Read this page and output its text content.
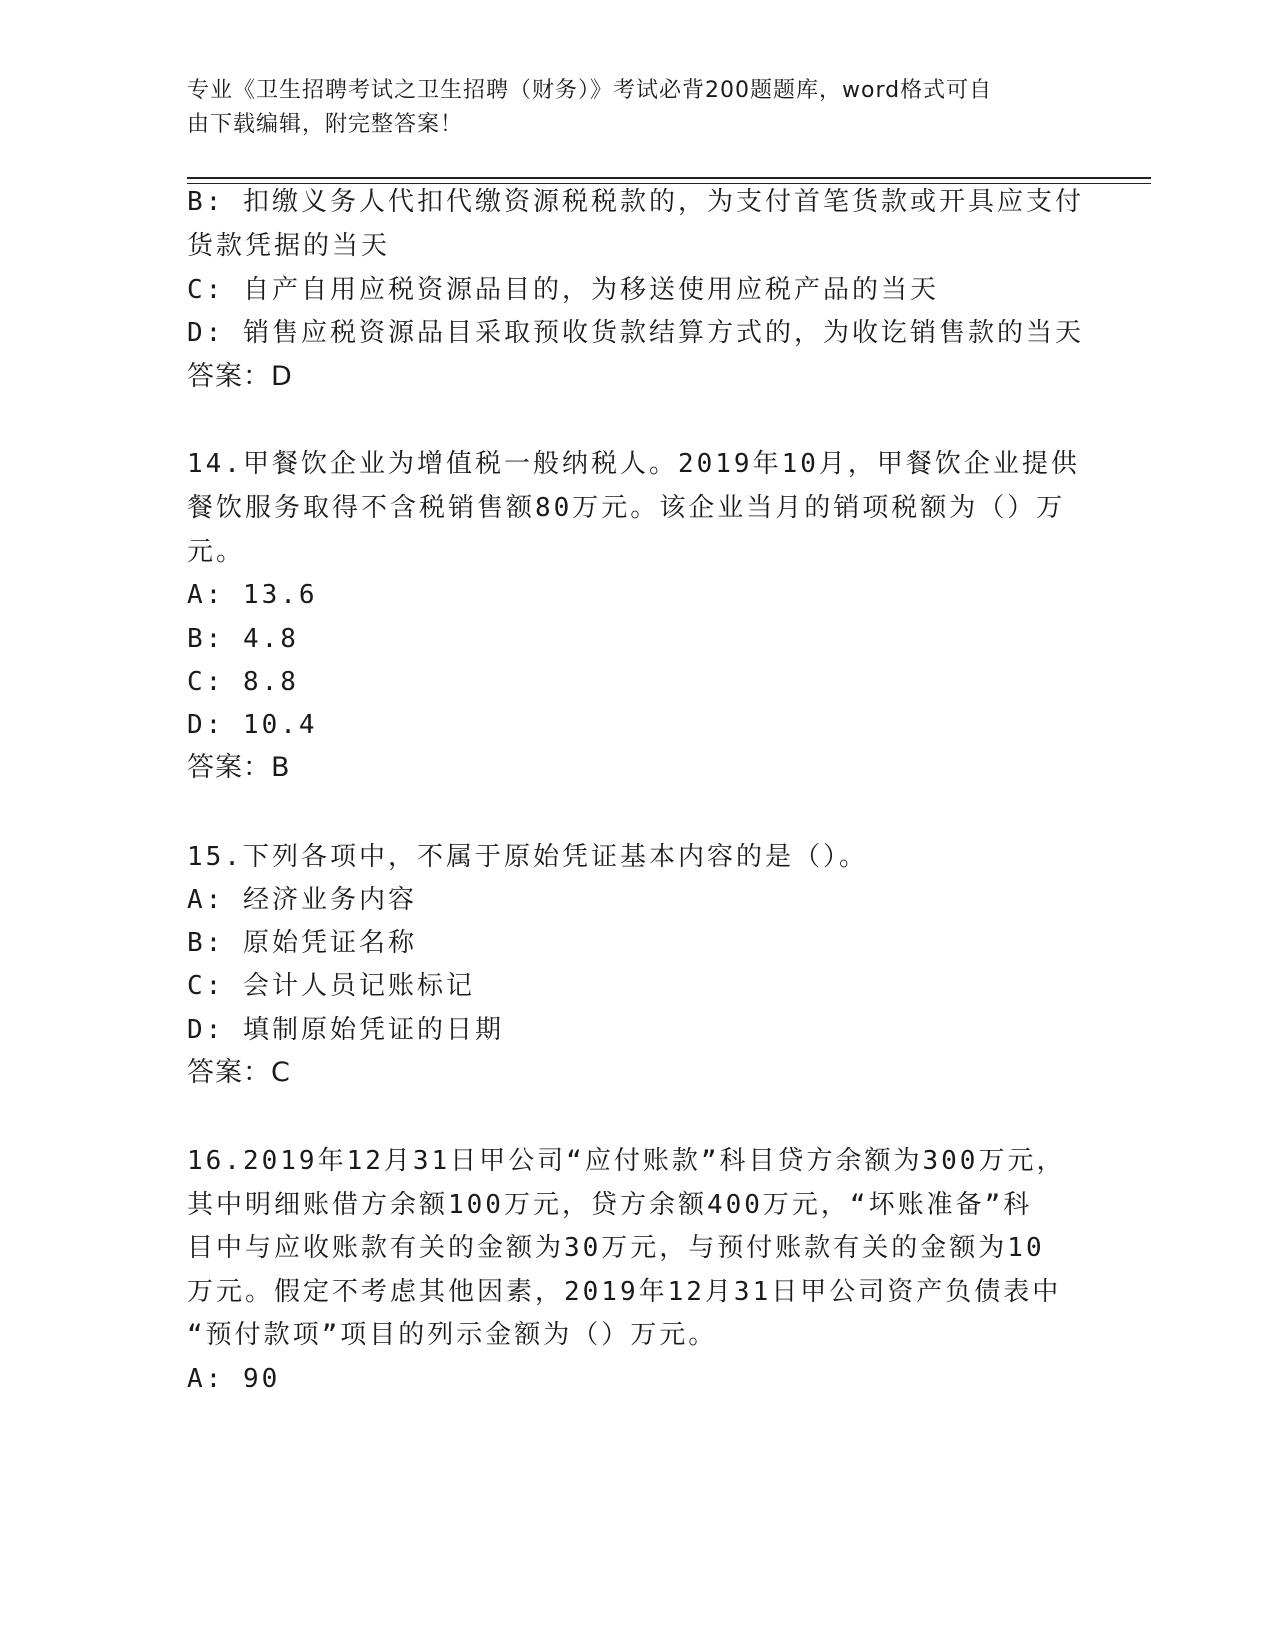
专业《卫生招聘考试之卫生招聘（财务）》考试必背200题题库，word格式可自
由下载编辑，附完整答案！
B: 扣缴义务人代扣代缴资源税税款的，为支付首笔货款或开具应支付
货款凭据的当天
C: 自产自用应税资源品目的，为移送使用应税产品的当天
D: 销售应税资源品目采取预收货款结算方式的，为收讫销售款的当天
答案：D
14.甲餐饮企业为增值税一般纳税人。2019年10月，甲餐饮企业提供
餐饮服务取得不含税销售额80万元。该企业当月的销项税额为（）万
元。
A: 13.6
B: 4.8
C: 8.8
D: 10.4
答案：B
15.下列各项中，不属于原始凭证基本内容的是（）。
A: 经济业务内容
B: 原始凭证名称
C: 会计人员记账标记
D: 填制原始凭证的日期
答案：C
16.2019年12月31日甲公司“应付账款”科目贷方余额为300万元，
其中明细账借方余额100万元，贷方余额400万元，“坏账准备”科
目中与应收账款有关的金额为30万元，与预付账款有关的金额为10
万元。假定不考虑其他因素，2019年12月31日甲公司资产负债表中
“预付款项”项目的列示金额为（）万元。
A: 90
